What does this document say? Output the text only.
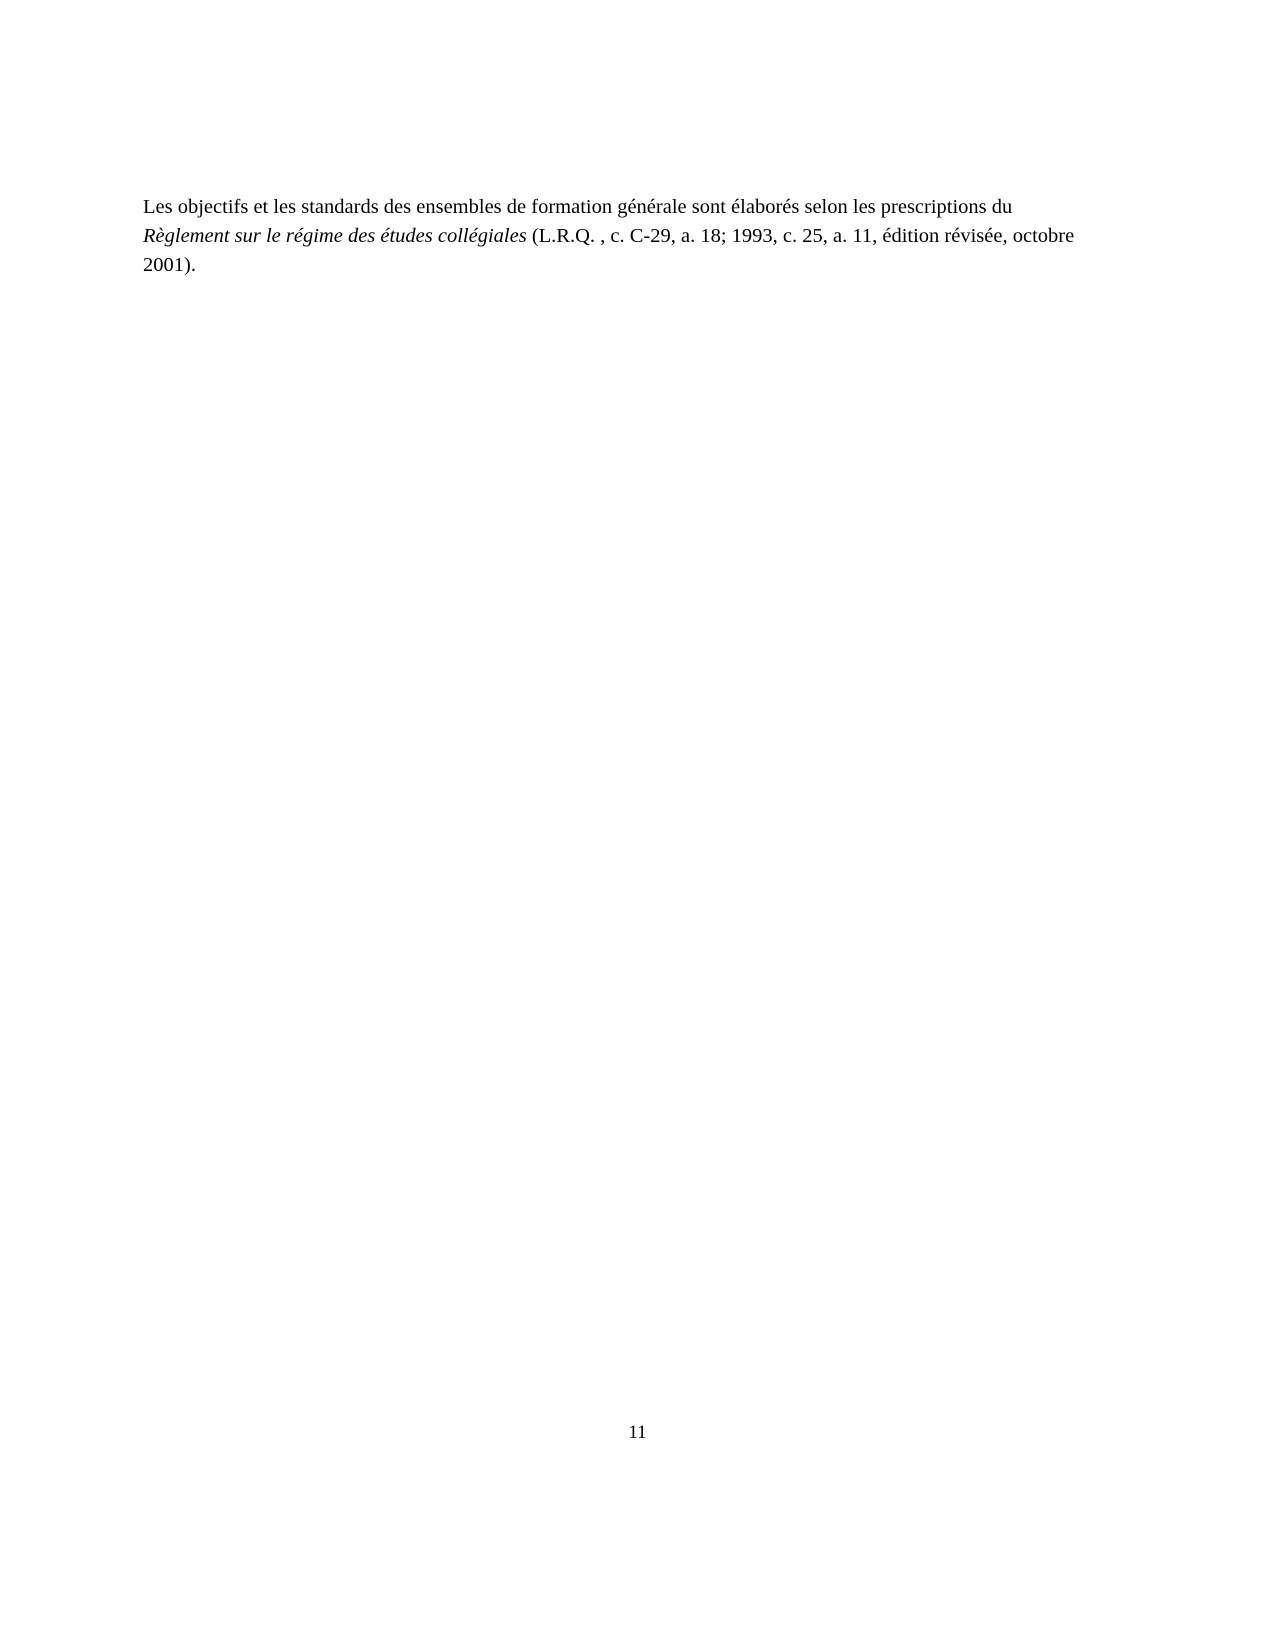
Les objectifs et les standards des ensembles de formation générale sont élaborés selon les prescriptions du Règlement sur le régime des études collégiales (L.R.Q. , c. C-29, a. 18; 1993, c. 25, a. 11, édition révisée, octobre 2001).

11
